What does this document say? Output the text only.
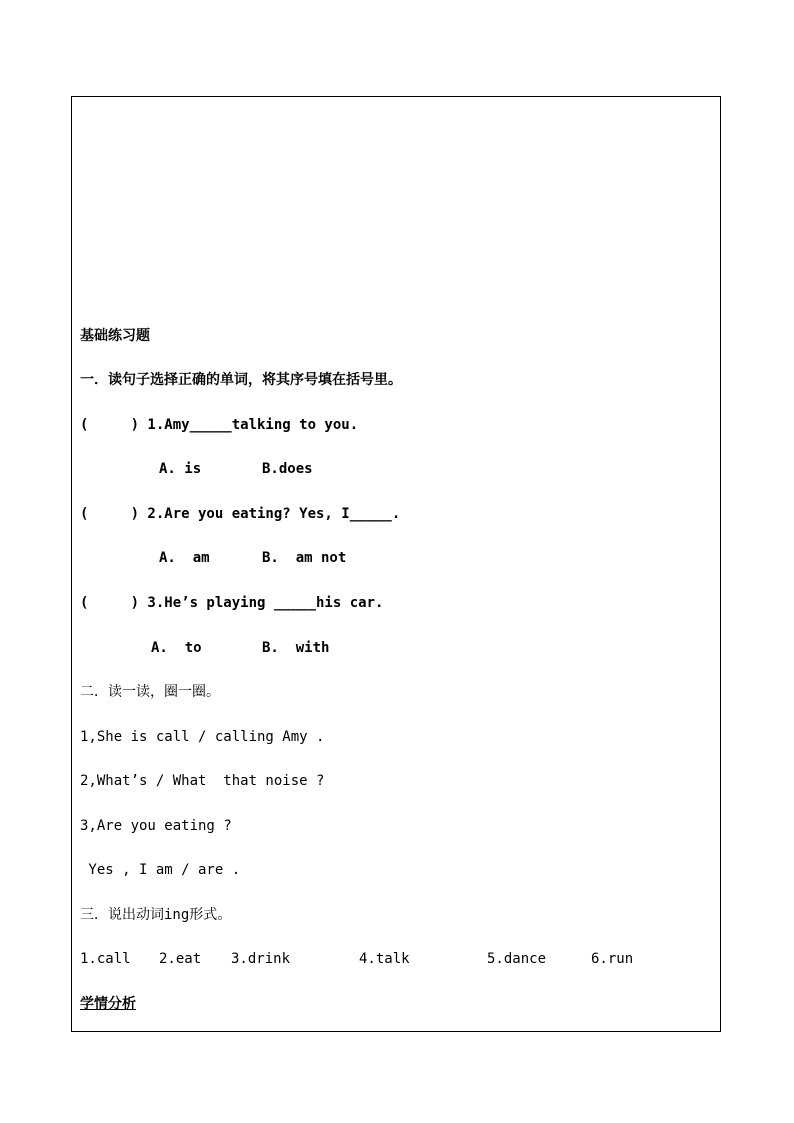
基础练习题
一．读句子选择正确的单词，将其序号填在括号里。
(     ) 1.Amy_____talking to you.
A. is	B.does
(     ) 2.Are you eating? Yes, I_____.
A.  am	B.  am not
(     ) 3.He’s playing _____his car.
A.  to	B.  with
二．读一读，圈一圈。
1,She is call / calling Amy .
2,What’s / What  that noise ?
3,Are you eating ?
Yes , I am / are .
三．说出动词ing形式。
1.call 2.eat 3.drink	4.talk	5.dance	6.run
学情分析
